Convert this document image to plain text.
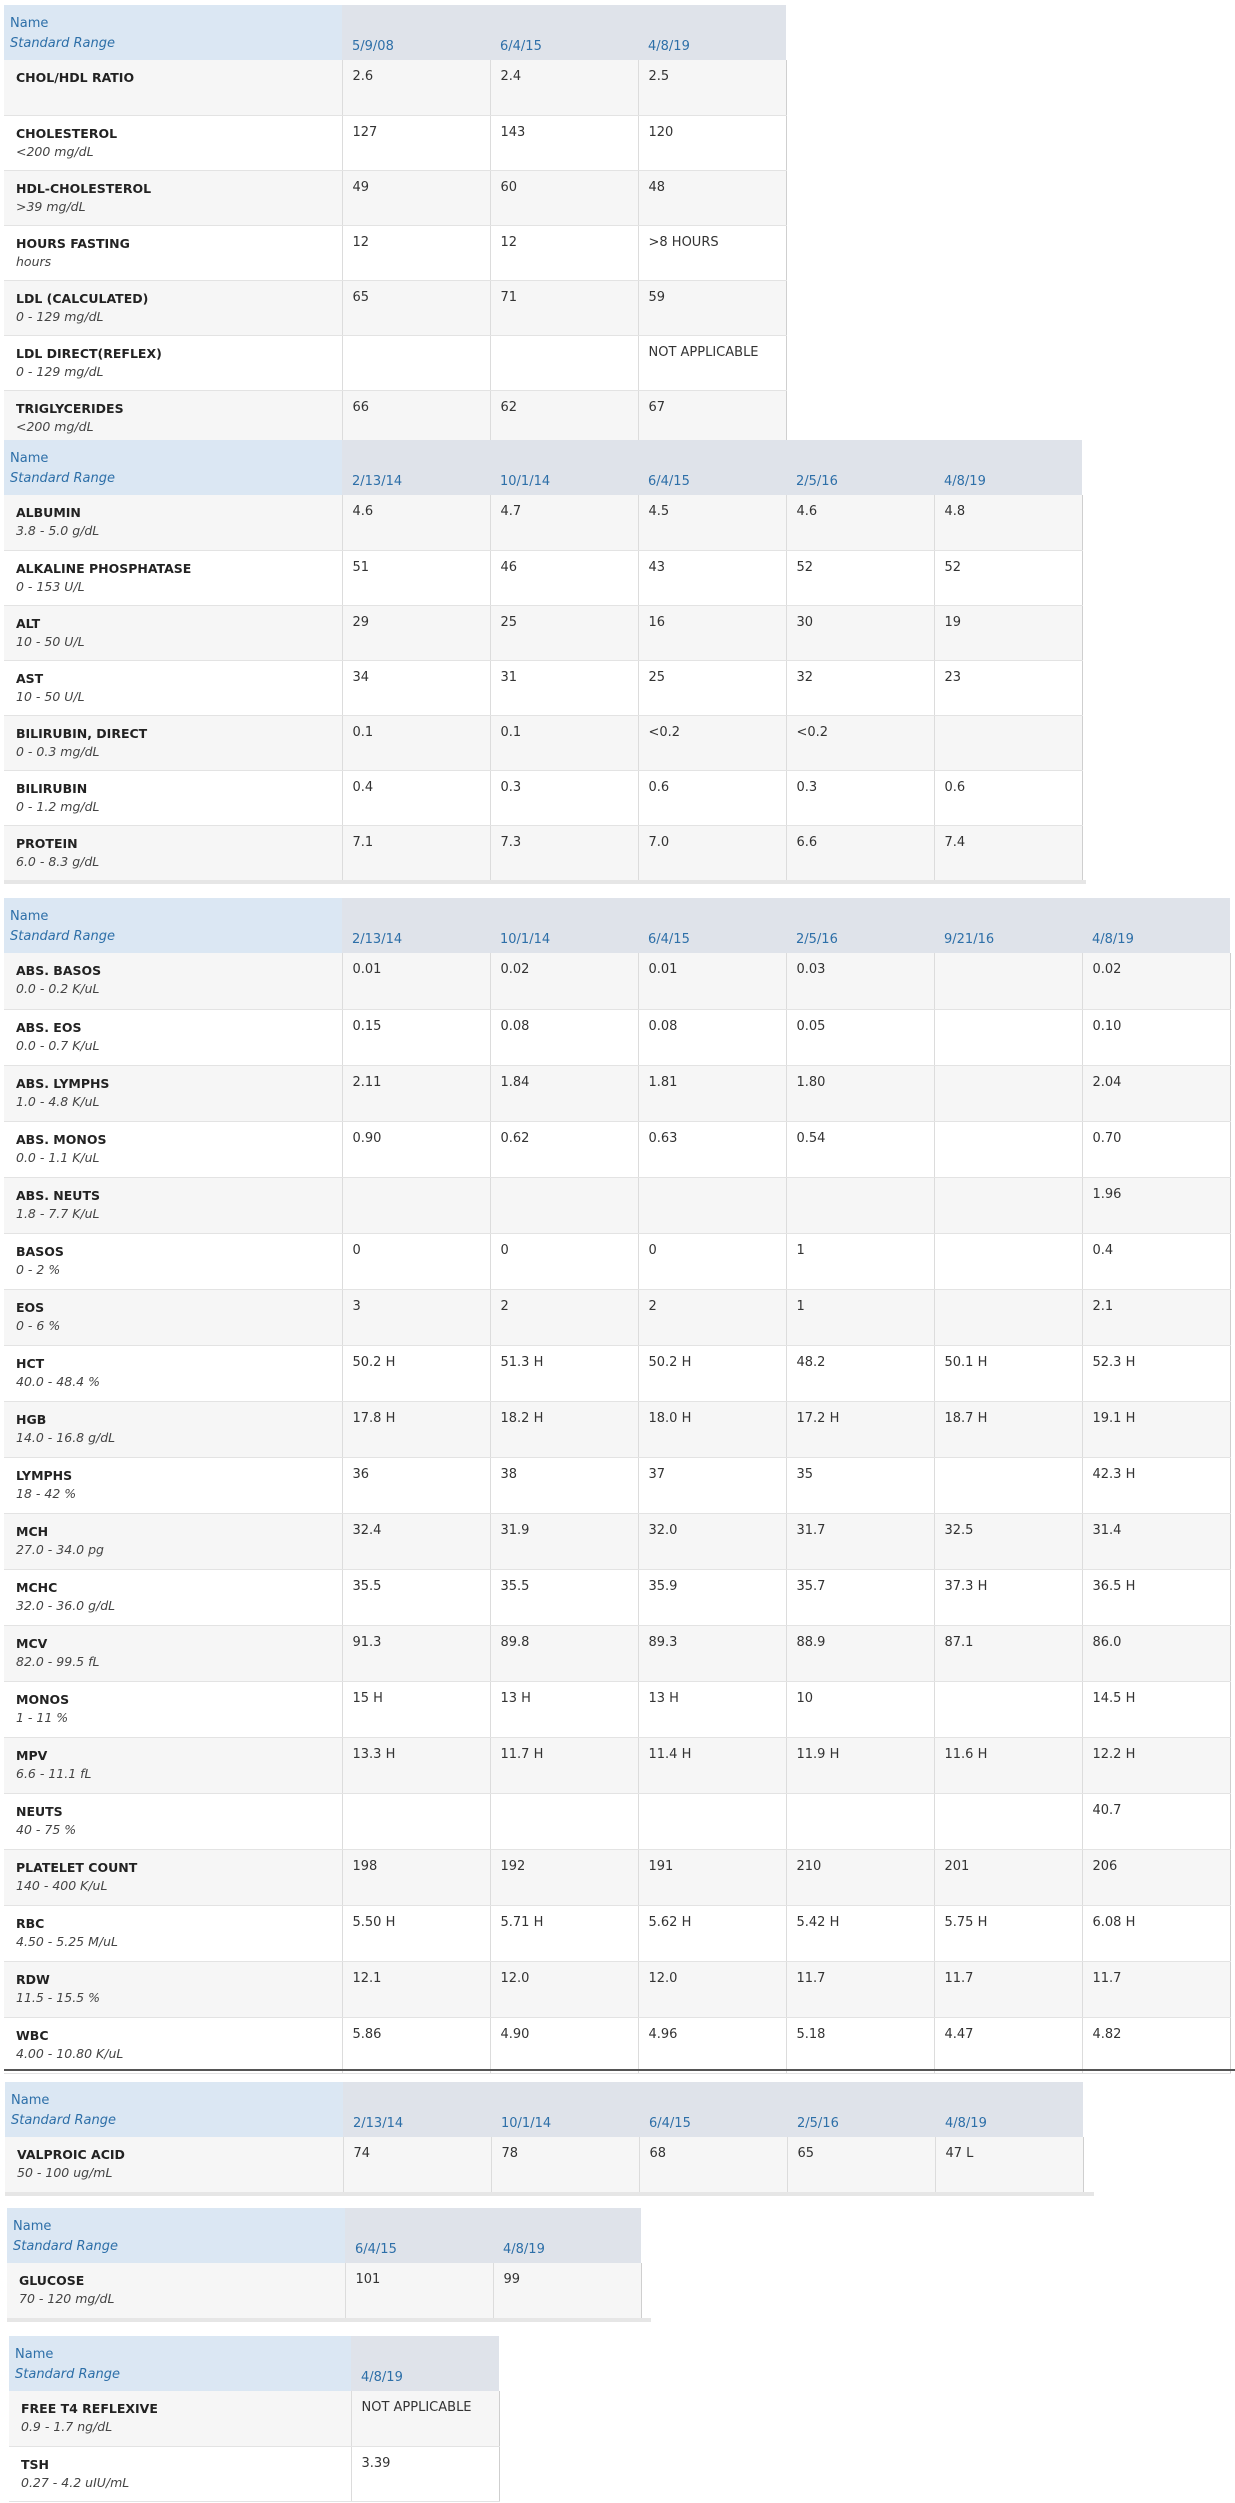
Name
Standard Range	5/9/08	6/4/15	4/8/19

CHOL/HDL RATIO	2.6	2.4	2.5

CHOLESTEROL
<200 mg/dL	127	143	120

HDL-CHOLESTEROL
>39 mg/dL	49	60	48

HOURS FASTING
hours	12	12	>8 HOURS

LDL (CALCULATED)
0 - 129 mg/dL	65	71	59

LDL DIRECT(REFLEX)
0 - 129 mg/dL			NOT APPLICABLE

TRIGLYCERIDES
<200 mg/dL	66	62	67
Name
Standard Range	2/13/14	10/1/14	6/4/15	2/5/16	4/8/19

ALBUMIN
3.8 - 5.0 g/dL	4.6	4.7	4.5	4.6	4.8

ALKALINE PHOSPHATASE
0 - 153 U/L	51	46	43	52	52

ALT
10 - 50 U/L	29	25	16	30	19

AST
10 - 50 U/L	34	31	25	32	23

BILIRUBIN, DIRECT
0 - 0.3 mg/dL	0.1	0.1	<0.2	<0.2	

BILIRUBIN
0 - 1.2 mg/dL	0.4	0.3	0.6	0.3	0.6

PROTEIN
6.0 - 8.3 g/dL	7.1	7.3	7.0	6.6	7.4
Name
Standard Range	2/13/14	10/1/14	6/4/15	2/5/16	9/21/16	4/8/19

ABS. BASOS
0.0 - 0.2 K/uL	0.01	0.02	0.01	0.03		0.02

ABS. EOS
0.0 - 0.7 K/uL	0.15	0.08	0.08	0.05		0.10

ABS. LYMPHS
1.0 - 4.8 K/uL	2.11	1.84	1.81	1.80		2.04

ABS. MONOS
0.0 - 1.1 K/uL	0.90	0.62	0.63	0.54		0.70

ABS. NEUTS
1.8 - 7.7 K/uL						1.96

BASOS
0 - 2 %	0	0	0	1		0.4

EOS
0 - 6 %	3	2	2	1		2.1

HCT
40.0 - 48.4 %	50.2 H	51.3 H	50.2 H	48.2	50.1 H	52.3 H

HGB
14.0 - 16.8 g/dL	17.8 H	18.2 H	18.0 H	17.2 H	18.7 H	19.1 H

LYMPHS
18 - 42 %	36	38	37	35		42.3 H

MCH
27.0 - 34.0 pg	32.4	31.9	32.0	31.7	32.5	31.4

MCHC
32.0 - 36.0 g/dL	35.5	35.5	35.9	35.7	37.3 H	36.5 H

MCV
82.0 - 99.5 fL	91.3	89.8	89.3	88.9	87.1	86.0

MONOS
1 - 11 %	15 H	13 H	13 H	10		14.5 H

MPV
6.6 - 11.1 fL	13.3 H	11.7 H	11.4 H	11.9 H	11.6 H	12.2 H

NEUTS
40 - 75 %						40.7

PLATELET COUNT
140 - 400 K/uL	198	192	191	210	201	206

RBC
4.50 - 5.25 M/uL	5.50 H	5.71 H	5.62 H	5.42 H	5.75 H	6.08 H

RDW
11.5 - 15.5 %	12.1	12.0	12.0	11.7	11.7	11.7

WBC
4.00 - 10.80 K/uL	5.86	4.90	4.96	5.18	4.47	4.82
Name
Standard Range	2/13/14	10/1/14	6/4/15	2/5/16	4/8/19

VALPROIC ACID
50 - 100 ug/mL	74	78	68	65	47 L
Name
Standard Range	6/4/15	4/8/19

GLUCOSE
70 - 120 mg/dL	101	99
Name
Standard Range	4/8/19

FREE T4 REFLEXIVE
0.9 - 1.7 ng/dL	NOT APPLICABLE

TSH
0.27 - 4.2 uIU/mL	3.39
